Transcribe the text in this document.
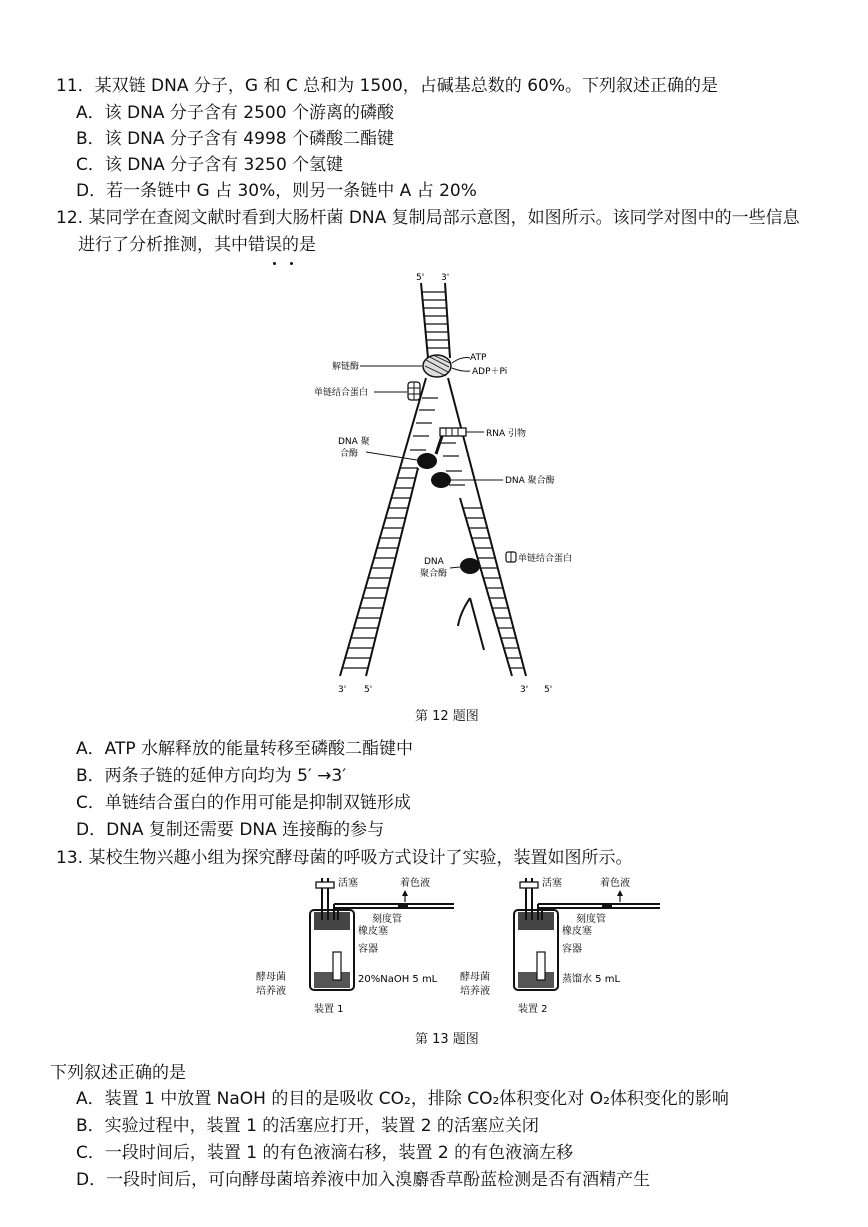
11．某双链 DNA 分子，G 和 C 总和为 1500，占碱基总数的 60%。下列叙述正确的是
A．该 DNA 分子含有 2500 个游离的磷酸
B．该 DNA 分子含有 4998 个磷酸二酯键
C．该 DNA 分子含有 3250 个氢键
D．若一条链中 G 占 30%，则另一条链中 A 占 20%
12. 某同学在查阅文献时看到大肠杆菌 DNA 复制局部示意图，如图所示。该同学对图中的一些信息
进行了分析推测，其中错误的是
5' 3'
解链酶
ATP
ADP＋Pi
单链结合蛋白
RNA 引物
DNA 聚
合酶
DNA 聚合酶
单链结合蛋白
DNA
聚合酶
3' 5'	3' 5'
第 12 题图
A．ATP 水解释放的能量转移至磷酸二酯键中
B．两条子链的延伸方向均为 5′ →3′
C．单链结合蛋白的作用可能是抑制双链形成
D．DNA 复制还需要 DNA 连接酶的参与
13. 某校生物兴趣小组为探究酵母菌的呼吸方式设计了实验，装置如图所示。
活塞	着色液
刻度管
橡皮塞
容器
20%NaOH 5 mL
酵母菌
培养液
装置 1
活塞	着色液
刻度管
橡皮塞
容器
蒸馏水 5 mL
酵母菌
培养液
装置 2
第 13 题图
下列叙述正确的是
A．装置 1 中放置 NaOH 的目的是吸收 CO₂，排除 CO₂体积变化对 O₂体积变化的影响
B．实验过程中，装置 1 的活塞应打开，装置 2 的活塞应关闭
C．一段时间后，装置 1 的有色液滴右移，装置 2 的有色液滴左移
D．一段时间后，可向酵母菌培养液中加入溴麝香草酚蓝检测是否有酒精产生
